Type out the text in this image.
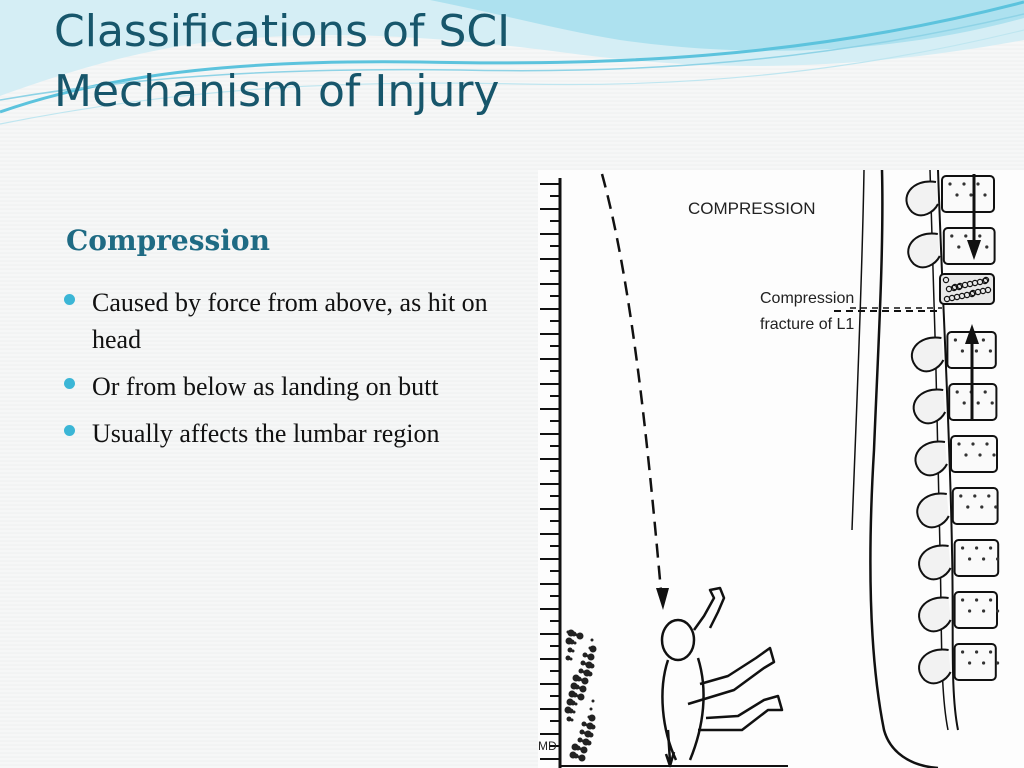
Classifications of SCI
Mechanism of Injury
Compression
Caused by force from above, as hit on head
Or from below as landing on butt
Usually affects the lumbar region
COMPRESSION
Compression
fracture of L1
MD
